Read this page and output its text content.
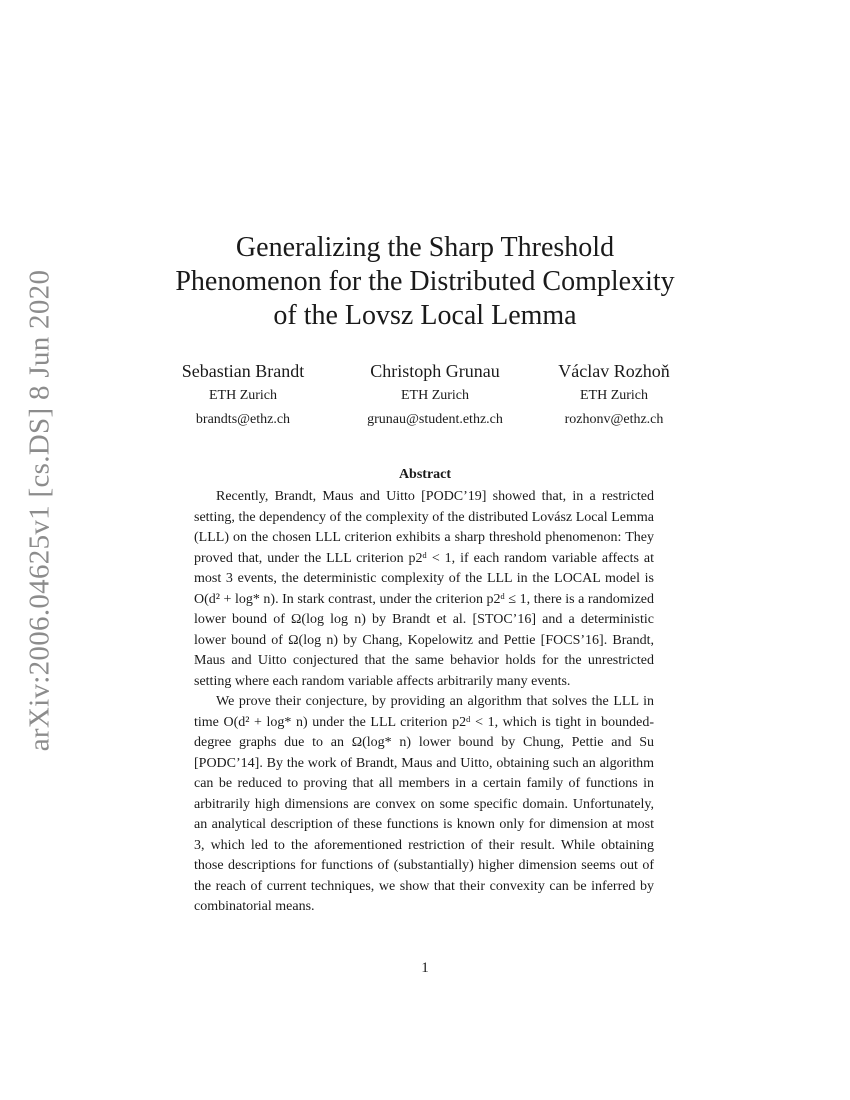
arXiv:2006.04625v1 [cs.DS] 8 Jun 2020
Generalizing the Sharp Threshold
Phenomenon for the Distributed Complexity
of the Lovsz Local Lemma
Sebastian Brandt
ETH Zurich
brandts@ethz.ch
Christoph Grunau
ETH Zurich
grunau@student.ethz.ch
Václav Rozhoň
ETH Zurich
rozhonv@ethz.ch
Abstract

Recently, Brandt, Maus and Uitto [PODC’19] showed that, in a restricted setting, the dependency of the complexity of the distributed Lovász Local Lemma (LLL) on the chosen LLL criterion exhibits a sharp threshold phenomenon: They proved that, under the LLL criterion p2ᵈ < 1, if each random variable affects at most 3 events, the deterministic complexity of the LLL in the LOCAL model is O(d² + log* n). In stark contrast, under the criterion p2ᵈ ≤ 1, there is a randomized lower bound of Ω(log log n) by Brandt et al. [STOC’16] and a deterministic lower bound of Ω(log n) by Chang, Kopelowitz and Pettie [FOCS’16]. Brandt, Maus and Uitto conjectured that the same behavior holds for the unrestricted setting where each random variable affects arbitrarily many events.

We prove their conjecture, by providing an algorithm that solves the LLL in time O(d² + log* n) under the LLL criterion p2ᵈ < 1, which is tight in bounded-degree graphs due to an Ω(log* n) lower bound by Chung, Pettie and Su [PODC’14]. By the work of Brandt, Maus and Uitto, obtaining such an algorithm can be reduced to proving that all members in a certain family of functions in arbitrarily high dimensions are convex on some specific domain. Unfortunately, an analytical description of these functions is known only for dimension at most 3, which led to the aforementioned restriction of their result. While obtaining those descriptions for functions of (substantially) higher dimension seems out of the reach of current techniques, we show that their convexity can be inferred by combinatorial means.

1
